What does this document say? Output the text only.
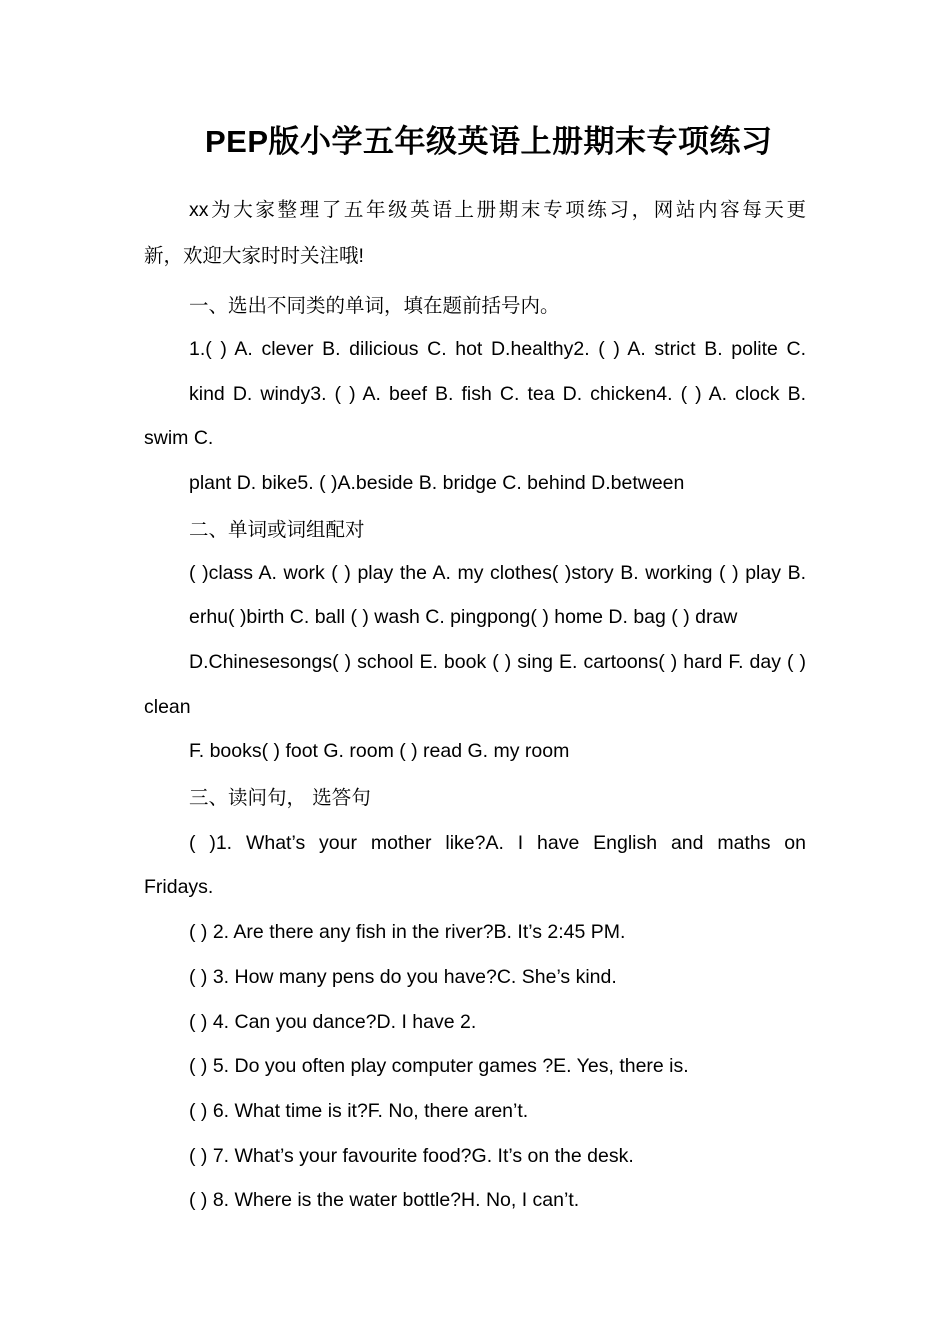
PEP版小学五年级英语上册期末专项练习
xx为大家整理了五年级英语上册期末专项练习，网站内容每天更
新，欢迎大家时时关注哦!
一、选出不同类的单词，填在题前括号内。
1.( ) A. clever B. dilicious C. hot D.healthy2. ( ) A. strict B. polite C.
kind D. windy3. ( ) A. beef B. fish C. tea D. chicken4. ( ) A. clock B.
swim C.
plant D. bike5. ( )A.beside B. bridge C. behind D.between
二、单词或词组配对
( )class A. work ( ) play the A. my clothes( )story B. working ( ) play B.
erhu( )birth C. ball ( ) wash C. pingpong( ) home D. bag ( ) draw
D.Chinesesongs( ) school E. book ( ) sing E. cartoons( ) hard F. day ( )
clean
F. books( ) foot G. room ( ) read G. my room
三、读问句， 选答句
( )1. What’s your mother like?A. I have English and maths on
Fridays.
( ) 2. Are there any fish in the river?B. It’s 2:45 PM.
( ) 3. How many pens do you have?C. She’s kind.
( ) 4. Can you dance?D. I have 2.
( ) 5. Do you often play computer games ?E. Yes, there is.
( ) 6. What time is it?F. No, there aren’t.
( ) 7. What’s your favourite food?G. It’s on the desk.
( ) 8. Where is the water bottle?H. No, I can’t.
